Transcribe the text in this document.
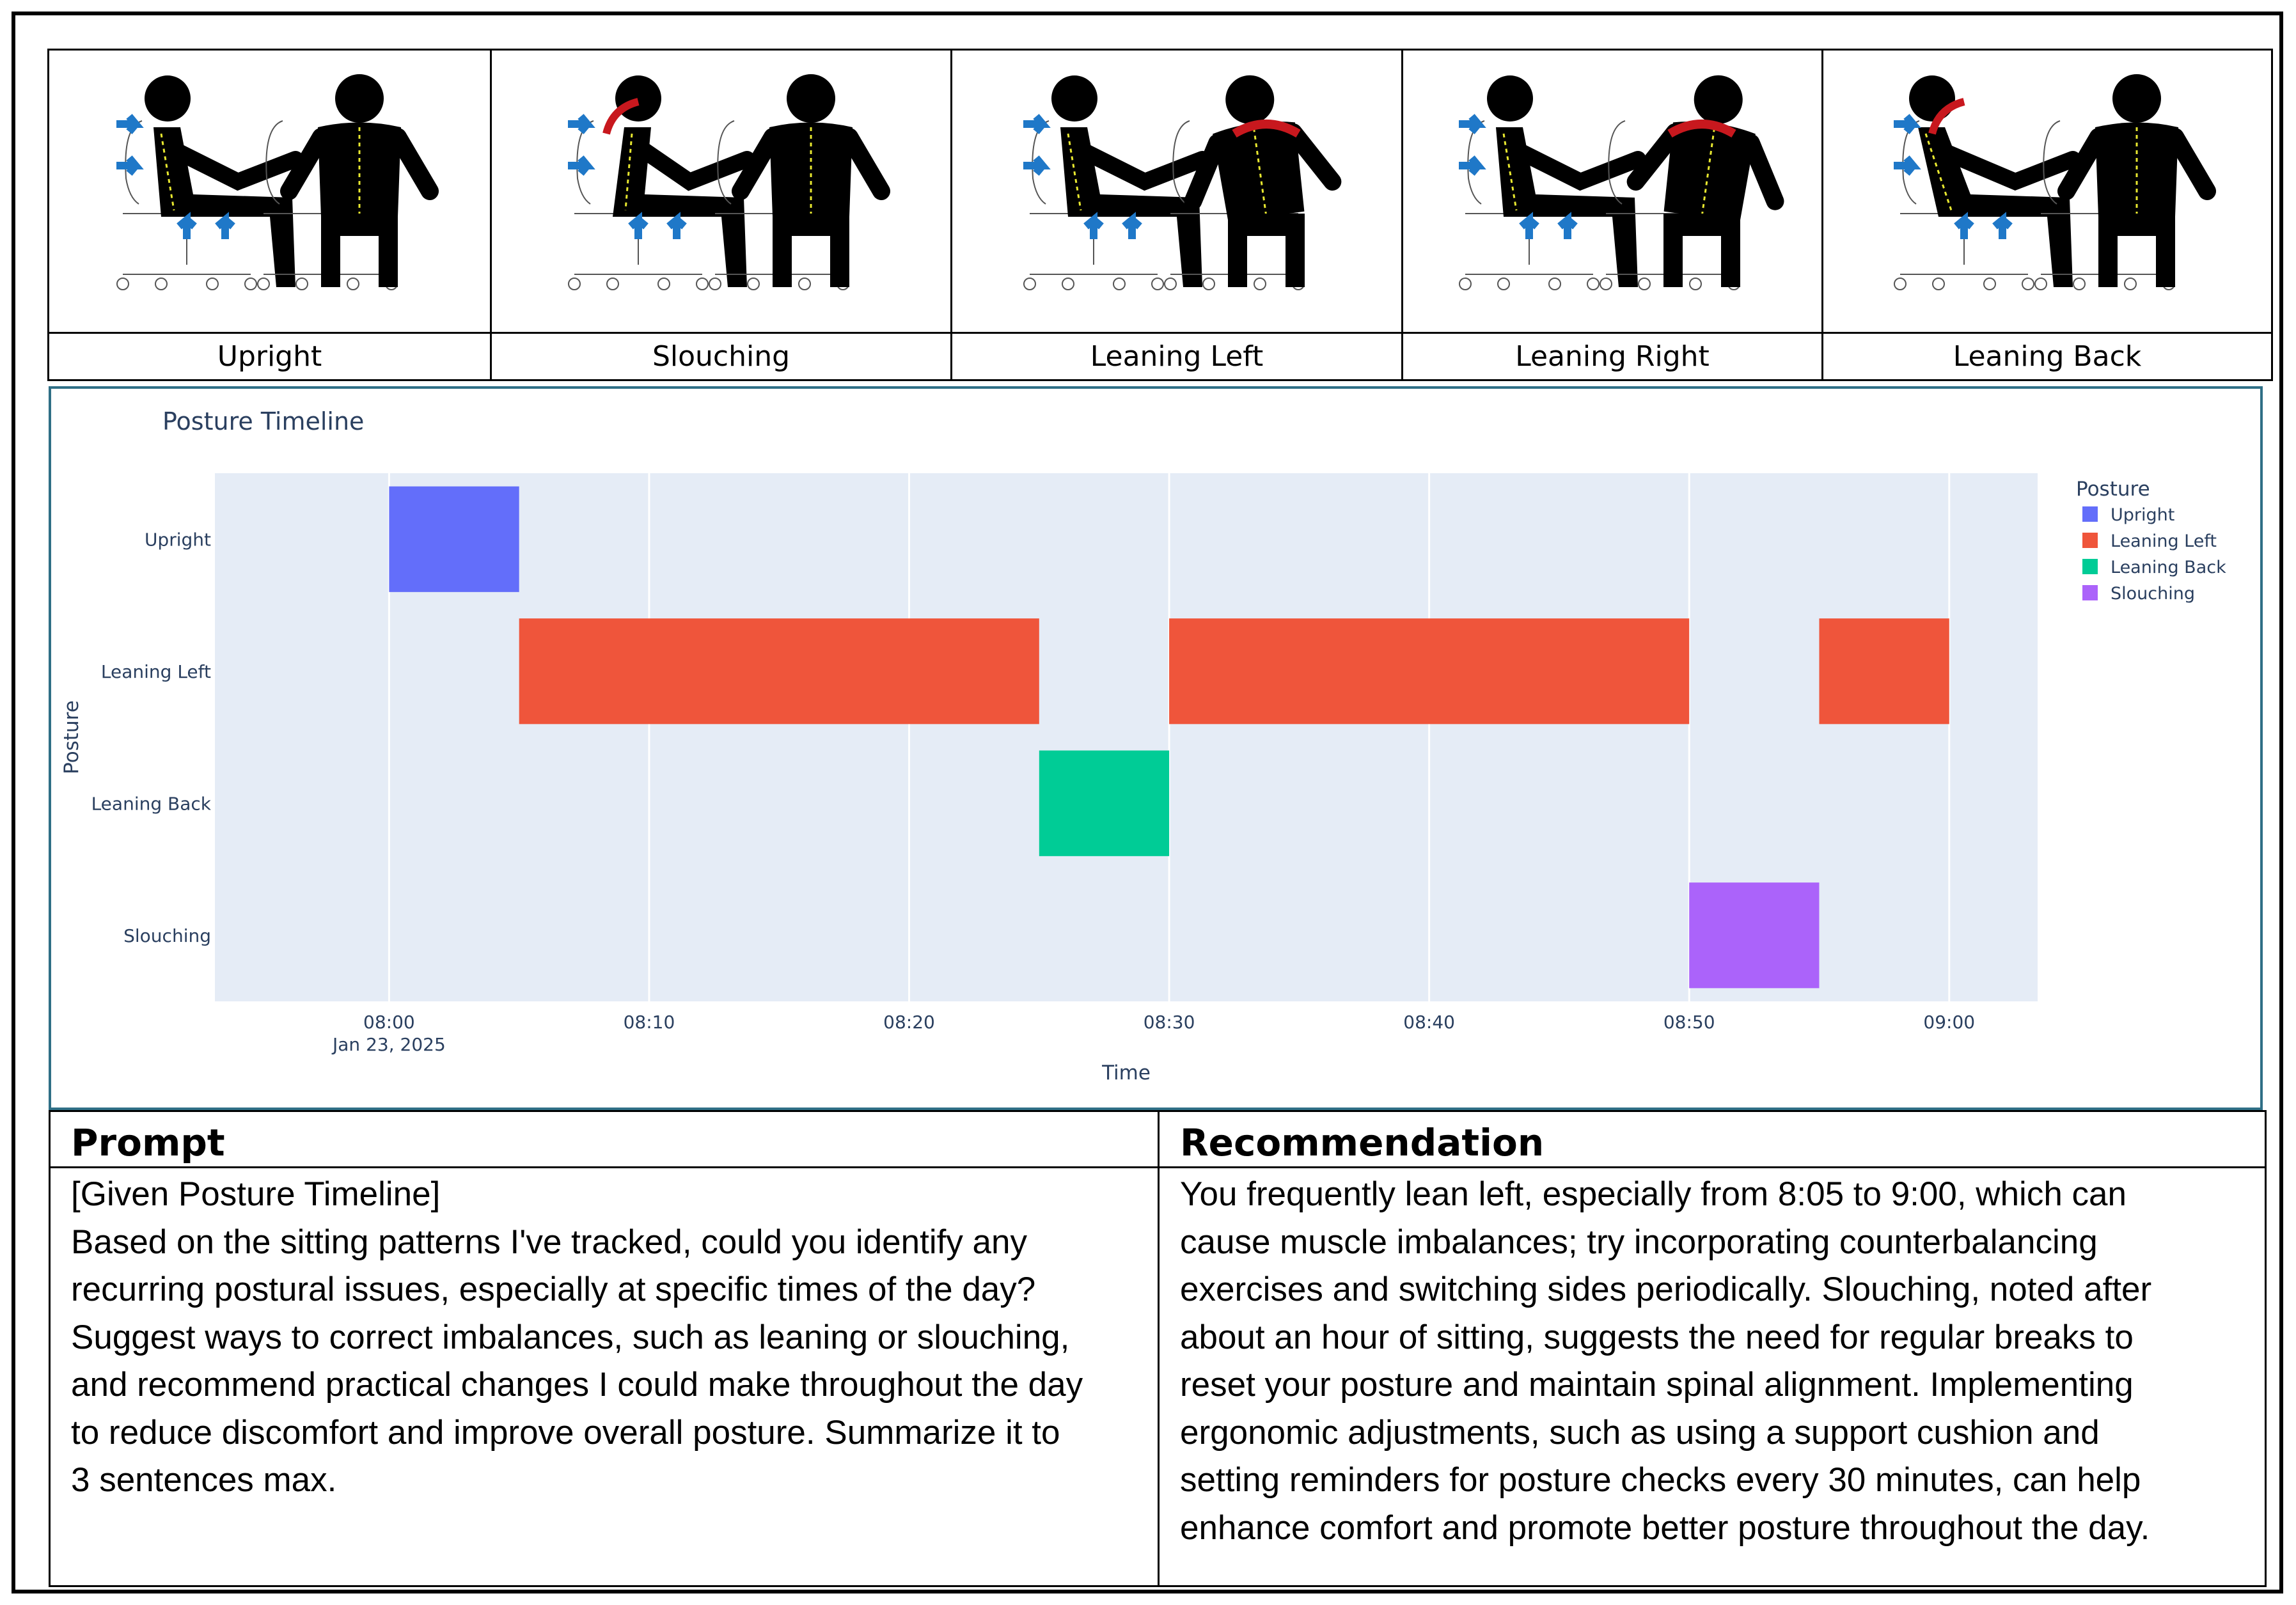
Upright	Slouching	Leaning Left	Leaning Right	Leaning Back
08:00	08:10	08:20	08:30	08:40	08:50	09:00
Jan 23, 2025
Upright
Leaning Left
Leaning Back
Slouching
Posture Timeline
Time
Posture
Posture
Upright
Leaning Left
Leaning Back
Slouching
Prompt
[Given Posture Timeline]
Based on the sitting patterns I've tracked, could you identify any
recurring postural issues, especially at specific times of the day?
Suggest ways to correct imbalances, such as leaning or slouching,
and recommend practical changes I could make throughout the day
to reduce discomfort and improve overall posture. Summarize it to
3 sentences max.
Recommendation
You frequently lean left, especially from 8:05 to 9:00, which can
cause muscle imbalances; try incorporating counterbalancing
exercises and switching sides periodically. Slouching, noted after
about an hour of sitting, suggests the need for regular breaks to
reset your posture and maintain spinal alignment. Implementing
ergonomic adjustments, such as using a support cushion and
setting reminders for posture checks every 30 minutes, can help
enhance comfort and promote better posture throughout the day.
